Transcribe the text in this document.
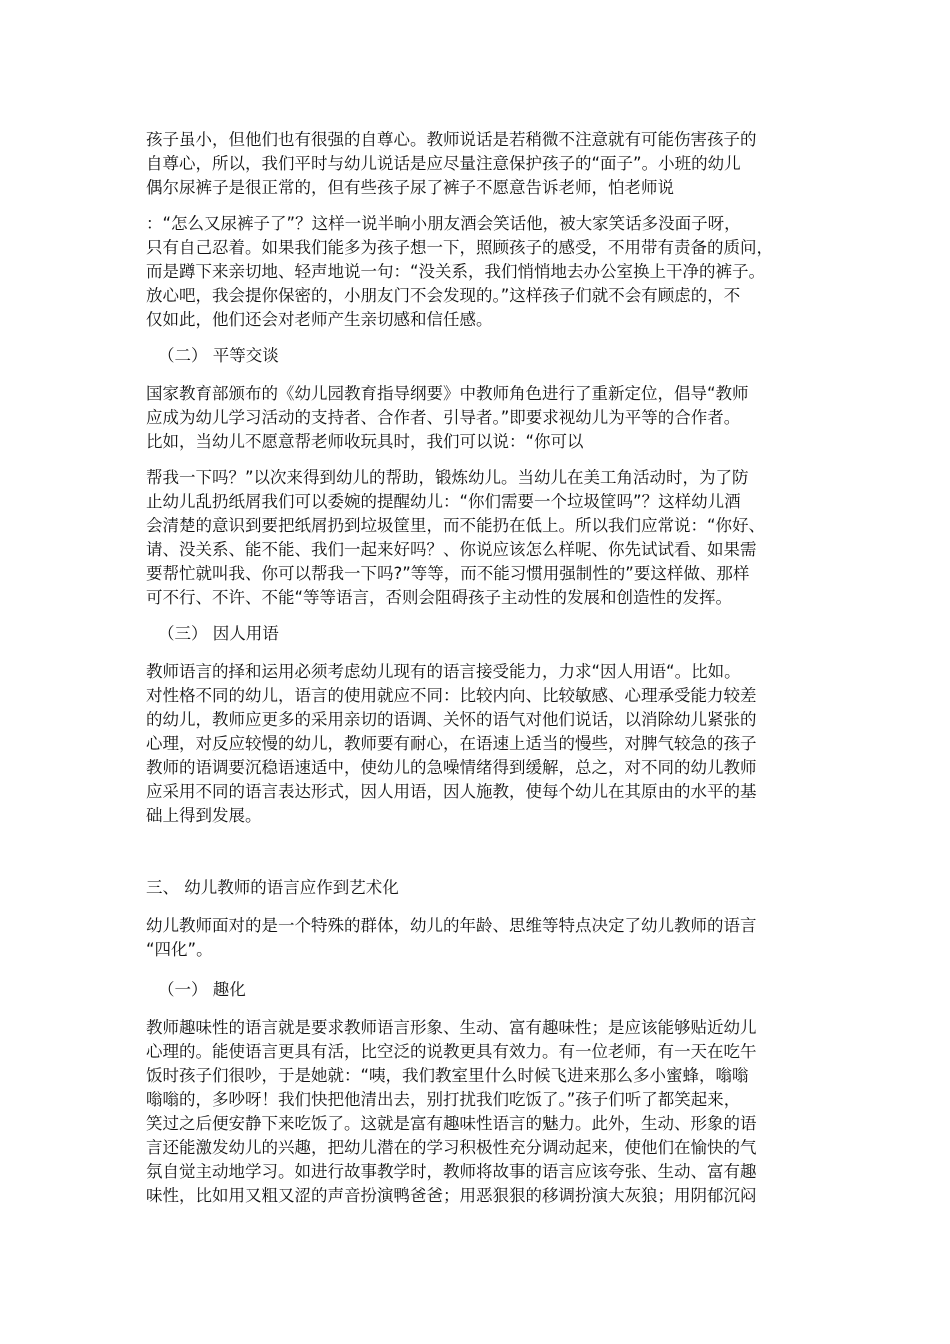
孩子虽小，但他们也有很强的自尊心。教师说话是若稍微不注意就有可能伤害孩子的
自尊心，所以，我们平时与幼儿说话是应尽量注意保护孩子的“面子”。小班的幼儿
偶尔尿裤子是很正常的，但有些孩子尿了裤子不愿意告诉老师，怕老师说
：“怎么又尿裤子了”？这样一说半晌小朋友酒会笑话他，被大家笑话多没面子呀，
只有自己忍着。如果我们能多为孩子想一下，照顾孩子的感受，不用带有责备的质问，
而是蹲下来亲切地、轻声地说一句：“没关系，我们悄悄地去办公室换上干净的裤子。
放心吧，我会提你保密的，小朋友门不会发现的。”这样孩子们就不会有顾虑的，不
仅如此，他们还会对老师产生亲切感和信任感。
（二） 平等交谈
国家教育部颁布的《幼儿园教育指导纲要》中教师角色进行了重新定位，倡导“教师
应成为幼儿学习活动的支持者、合作者、引导者。”即要求视幼儿为平等的合作者。
比如，当幼儿不愿意帮老师收玩具时，我们可以说：“你可以
帮我一下吗？”以次来得到幼儿的帮助，锻炼幼儿。当幼儿在美工角活动时，为了防
止幼儿乱扔纸屑我们可以委婉的提醒幼儿：“你们需要一个垃圾筐吗”？这样幼儿酒
会清楚的意识到要把纸屑扔到垃圾筐里，而不能扔在低上。所以我们应常说：“你好、
请、没关系、能不能、我们一起来好吗？、你说应该怎么样呢、你先试试看、如果需
要帮忙就叫我、你可以帮我一下吗?”等等，而不能习惯用强制性的”要这样做、那样
可不行、不许、不能“等等语言，否则会阻碍孩子主动性的发展和创造性的发挥。
（三） 因人用语
教师语言的择和运用必须考虑幼儿现有的语言接受能力，力求“因人用语“。比如。
对性格不同的幼儿，语言的使用就应不同：比较内向、比较敏感、心理承受能力较差
的幼儿，教师应更多的采用亲切的语调、关怀的语气对他们说话，以消除幼儿紧张的
心理，对反应较慢的幼儿，教师要有耐心，在语速上适当的慢些，对脾气较急的孩子
教师的语调要沉稳语速适中，使幼儿的急噪情绪得到缓解，总之，对不同的幼儿教师
应采用不同的语言表达形式，因人用语，因人施教，使每个幼儿在其原由的水平的基
础上得到发展。
三、 幼儿教师的语言应作到艺术化
幼儿教师面对的是一个特殊的群体，幼儿的年龄、思维等特点决定了幼儿教师的语言
“四化”。
（一） 趣化
教师趣味性的语言就是要求教师语言形象、生动、富有趣味性；是应该能够贴近幼儿
心理的。能使语言更具有活，比空泛的说教更具有效力。有一位老师，有一天在吃午
饭时孩子们很吵，于是她就：“咦，我们教室里什么时候飞进来那么多小蜜蜂，嗡嗡
嗡嗡的，多吵呀！我们快把他清出去，别打扰我们吃饭了。”孩子们听了都笑起来，
笑过之后便安静下来吃饭了。这就是富有趣味性语言的魅力。此外，生动、形象的语
言还能激发幼儿的兴趣，把幼儿潜在的学习积极性充分调动起来，使他们在愉快的气
氛自觉主动地学习。如进行故事教学时，教师将故事的语言应该夸张、生动、富有趣
味性，比如用又粗又涩的声音扮演鸭爸爸；用恶狠狠的移调扮演大灰狼；用阴郁沉闷
